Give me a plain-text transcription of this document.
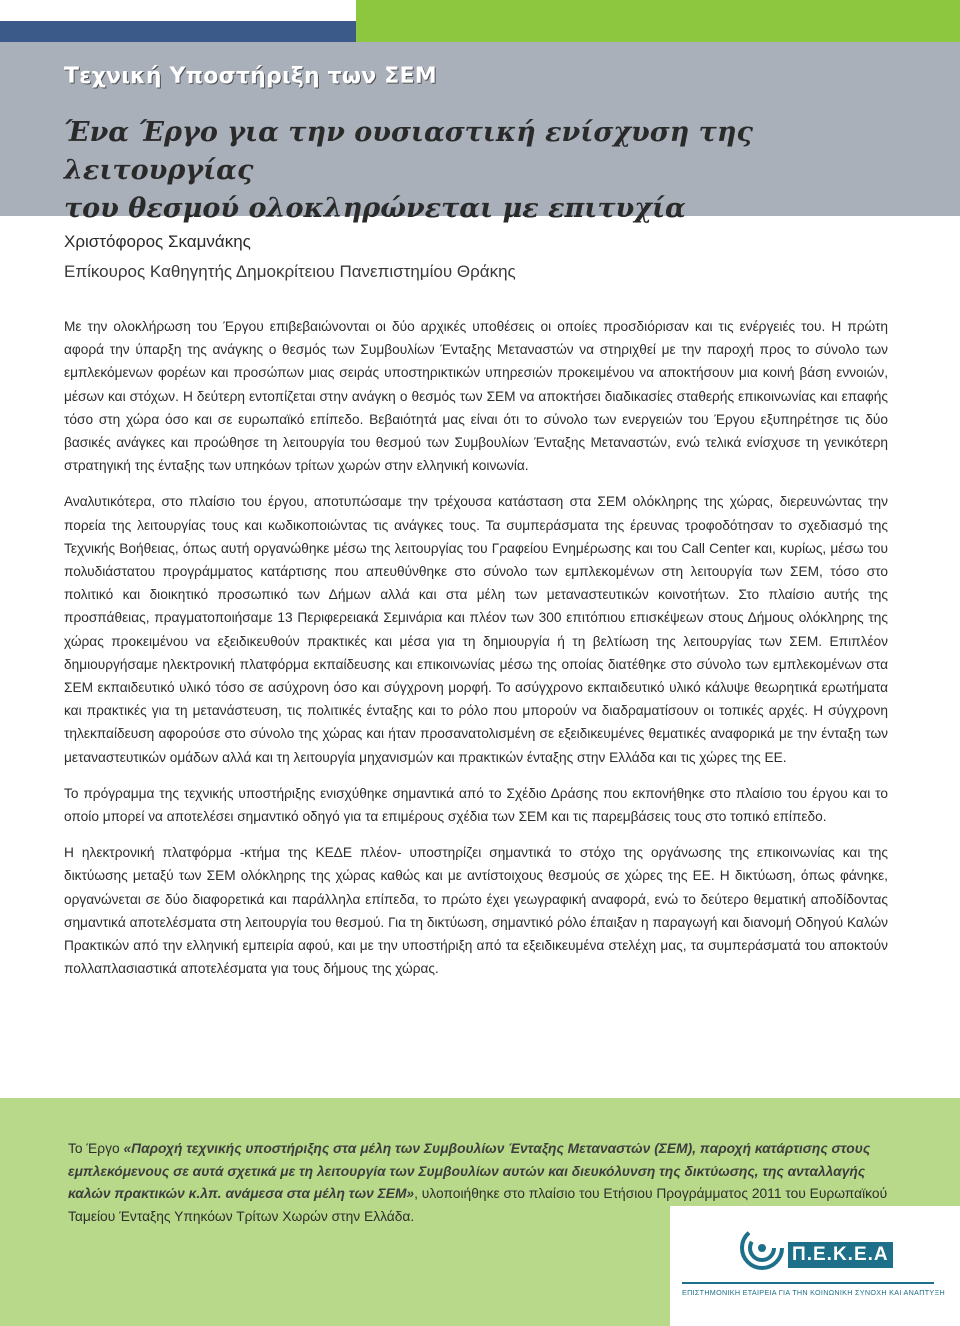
Τεχνική Υποστήριξη των ΣΕΜ
Ένα Έργο για την ουσιαστική ενίσχυση της λειτουργίας
του θεσμού ολοκληρώνεται με επιτυχία
Χριστόφορος Σκαμνάκης
Επίκουρος Καθηγητής Δημοκρίτειου Πανεπιστημίου Θράκης

Με την ολοκλήρωση του Έργου επιβεβαιώνονται οι δύο αρχικές υποθέσεις οι οποίες προσδιόρισαν και τις ενέργειές του. Η πρώτη αφορά την ύπαρξη της ανάγκης ο θεσμός των Συμβουλίων Ένταξης Μεταναστών να στηριχθεί με την παροχή προς το σύνολο των εμπλεκόμενων φορέων και προσώπων μιας σειράς υποστηρικτικών υπηρεσιών προκειμένου να αποκτήσουν μια κοινή βάση εννοιών, μέσων και στόχων. Η δεύτερη εντοπίζεται στην ανάγκη ο θεσμός των ΣΕΜ να αποκτήσει διαδικασίες σταθερής επικοινωνίας και επαφής τόσο στη χώρα όσο και σε ευρωπαϊκό επίπεδο. Βεβαιότητά μας είναι ότι το σύνολο των ενεργειών του Έργου εξυπηρέτησε τις δύο βασικές ανάγκες και προώθησε τη λειτουργία του θεσμού των Συμβουλίων Ένταξης Μεταναστών, ενώ τελικά ενίσχυσε τη γενικότερη στρατηγική της ένταξης των υπηκόων τρίτων χωρών στην ελληνική κοινωνία.

Αναλυτικότερα, στο πλαίσιο του έργου, αποτυπώσαμε την τρέχουσα κατάσταση στα ΣΕΜ ολόκληρης της χώρας, διερευνώντας την πορεία της λειτουργίας τους και κωδικοποιώντας τις ανάγκες τους. Τα συμπεράσματα της έρευνας τροφοδότησαν το σχεδιασμό της Τεχνικής Βοήθειας, όπως αυτή οργανώθηκε μέσω της λειτουργίας του Γραφείου Ενημέρωσης και του Call Center και, κυρίως, μέσω του πολυδιάστατου προγράμματος κατάρτισης που απευθύνθηκε στο σύνολο των εμπλεκομένων στη λειτουργία των ΣΕΜ, τόσο στο πολιτικό και διοικητικό προσωπικό των Δήμων αλλά και στα μέλη των μεταναστευτικών κοινοτήτων. Στο πλαίσιο αυτής της προσπάθειας, πραγματοποιήσαμε 13 Περιφερειακά Σεμινάρια και πλέον των 300 επιτόπιου επισκέψεων στους Δήμους ολόκληρης της χώρας προκειμένου να εξειδικευθούν πρακτικές και μέσα για τη δημιουργία ή τη βελτίωση της λειτουργίας των ΣΕΜ. Επιπλέον δημιουργήσαμε ηλεκτρονική πλατφόρμα εκπαίδευσης και επικοινωνίας μέσω της οποίας διατέθηκε στο σύνολο των εμπλεκομένων στα ΣΕΜ εκπαιδευτικό υλικό τόσο σε ασύχρονη όσο και σύγχρονη μορφή. Το ασύγχρονο εκπαιδευτικό υλικό κάλυψε θεωρητικά ερωτήματα και πρακτικές για τη μετανάστευση, τις πολιτικές ένταξης και το ρόλο που μπορούν να διαδραματίσουν οι τοπικές αρχές. Η σύγχρονη τηλεκπαίδευση αφορούσε στο σύνολο της χώρας και ήταν προσανατολισμένη σε εξειδικευμένες θεματικές αναφορικά με την ένταξη των μεταναστευτικών ομάδων αλλά και τη λειτουργία μηχανισμών και πρακτικών ένταξης στην Ελλάδα και τις χώρες της ΕΕ.

Το πρόγραμμα της τεχνικής υποστήριξης ενισχύθηκε σημαντικά από το Σχέδιο Δράσης που εκπονήθηκε στο πλαίσιο του έργου και το οποίο μπορεί να αποτελέσει σημαντικό οδηγό για τα επιμέρους σχέδια των ΣΕΜ και τις παρεμβάσεις τους στο τοπικό επίπεδο.

Η ηλεκτρονική πλατφόρμα -κτήμα της ΚΕΔΕ πλέον- υποστηρίζει σημαντικά το στόχο της οργάνωσης της επικοινωνίας και της δικτύωσης μεταξύ των ΣΕΜ ολόκληρης της χώρας καθώς και με αντίστοιχους θεσμούς σε χώρες της ΕΕ. Η δικτύωση, όπως φάνηκε, οργανώνεται σε δύο διαφορετικά και παράλληλα επίπεδα, το πρώτο έχει γεωγραφική αναφορά, ενώ το δεύτερο θεματική αποδίδοντας σημαντικά αποτελέσματα στη λειτουργία του θεσμού. Για τη δικτύωση, σημαντικό ρόλο έπαιξαν η παραγωγή και διανομή Οδηγού Καλών Πρακτικών από την ελληνική εμπειρία αφού, και με την υποστήριξη από τα εξειδικευμένα στελέχη μας, τα συμπεράσματά του αποκτούν πολλαπλασιαστικά αποτελέσματα για τους δήμους της χώρας.

Το Έργο «Παροχή τεχνικής υποστήριξης στα μέλη των Συμβουλίων Ένταξης Μεταναστών (ΣΕΜ), παροχή κατάρτισης στους εμπλεκόμενους σε αυτά σχετικά με τη λειτουργία των Συμβουλίων αυτών και διευκόλυνση της δικτύωσης, της ανταλλαγής καλών πρακτικών κ.λπ. ανάμεσα στα μέλη των ΣΕΜ», υλοποιήθηκε στο πλαίσιο του Ετήσιου Προγράμματος 2011 του Ευρωπαϊκού Ταμείου Ένταξης Υπηκόων Τρίτων Χωρών στην Ελλάδα.
Π.Ε.Κ.Ε.Α
ΕΠΙΣΤΗΜΟΝΙΚΗ ΕΤΑΙΡΕΙΑ ΓΙΑ ΤΗΝ ΚΟΙΝΩΝΙΚΗ ΣΥΝΟΧΗ ΚΑΙ ΑΝΑΠΤΥΞΗ
